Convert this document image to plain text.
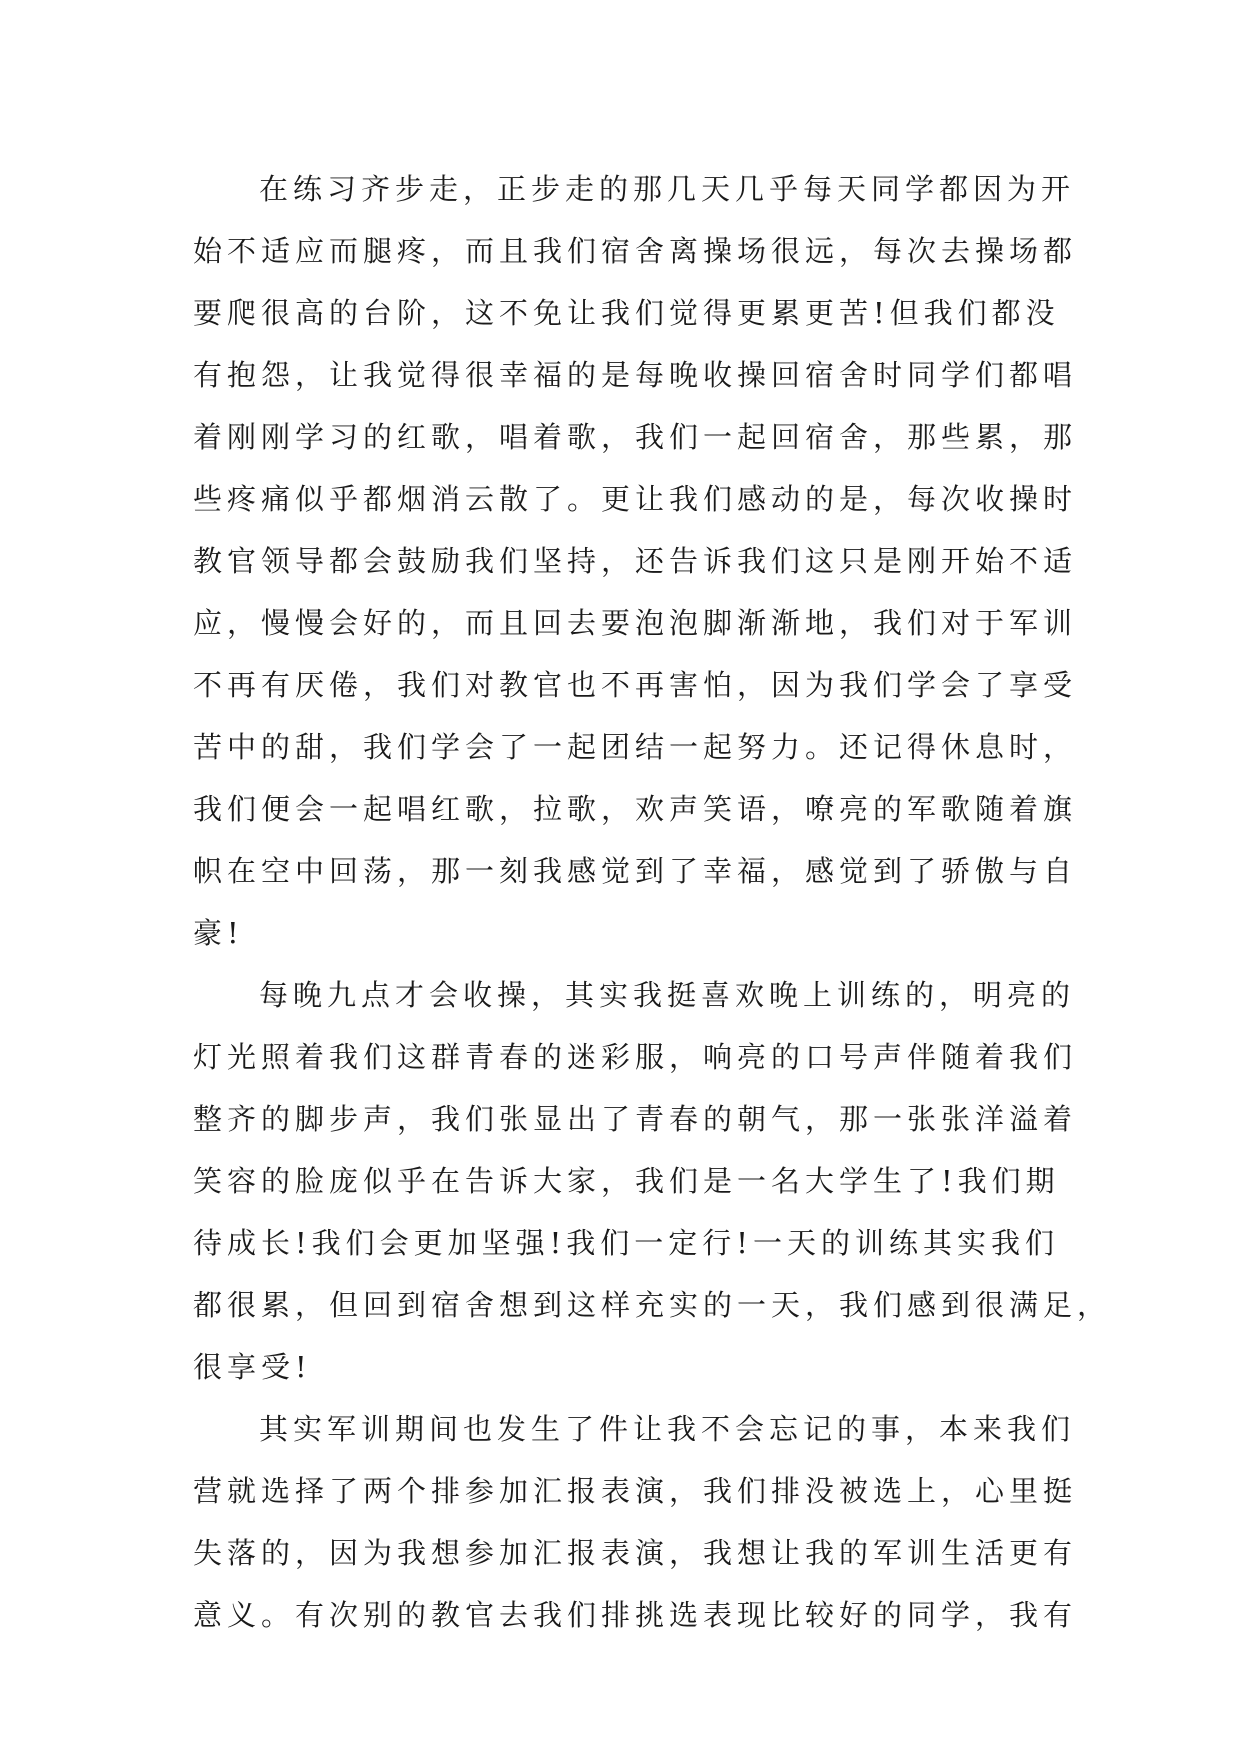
在练习齐步走，正步走的那几天几乎每天同学都因为开
始不适应而腿疼，而且我们宿舍离操场很远，每次去操场都
要爬很高的台阶，这不免让我们觉得更累更苦!但我们都没
有抱怨，让我觉得很幸福的是每晚收操回宿舍时同学们都唱
着刚刚学习的红歌，唱着歌，我们一起回宿舍，那些累，那
些疼痛似乎都烟消云散了。更让我们感动的是，每次收操时
教官领导都会鼓励我们坚持，还告诉我们这只是刚开始不适
应，慢慢会好的，而且回去要泡泡脚渐渐地，我们对于军训
不再有厌倦，我们对教官也不再害怕，因为我们学会了享受
苦中的甜，我们学会了一起团结一起努力。还记得休息时，
我们便会一起唱红歌，拉歌，欢声笑语，嘹亮的军歌随着旗
帜在空中回荡，那一刻我感觉到了幸福，感觉到了骄傲与自
豪!
每晚九点才会收操，其实我挺喜欢晚上训练的，明亮的
灯光照着我们这群青春的迷彩服，响亮的口号声伴随着我们
整齐的脚步声，我们张显出了青春的朝气，那一张张洋溢着
笑容的脸庞似乎在告诉大家，我们是一名大学生了!我们期
待成长!我们会更加坚强!我们一定行!一天的训练其实我们
都很累，但回到宿舍想到这样充实的一天，我们感到很满足，
很享受!
其实军训期间也发生了件让我不会忘记的事，本来我们
营就选择了两个排参加汇报表演，我们排没被选上，心里挺
失落的，因为我想参加汇报表演，我想让我的军训生活更有
意义。有次别的教官去我们排挑选表现比较好的同学，我有
